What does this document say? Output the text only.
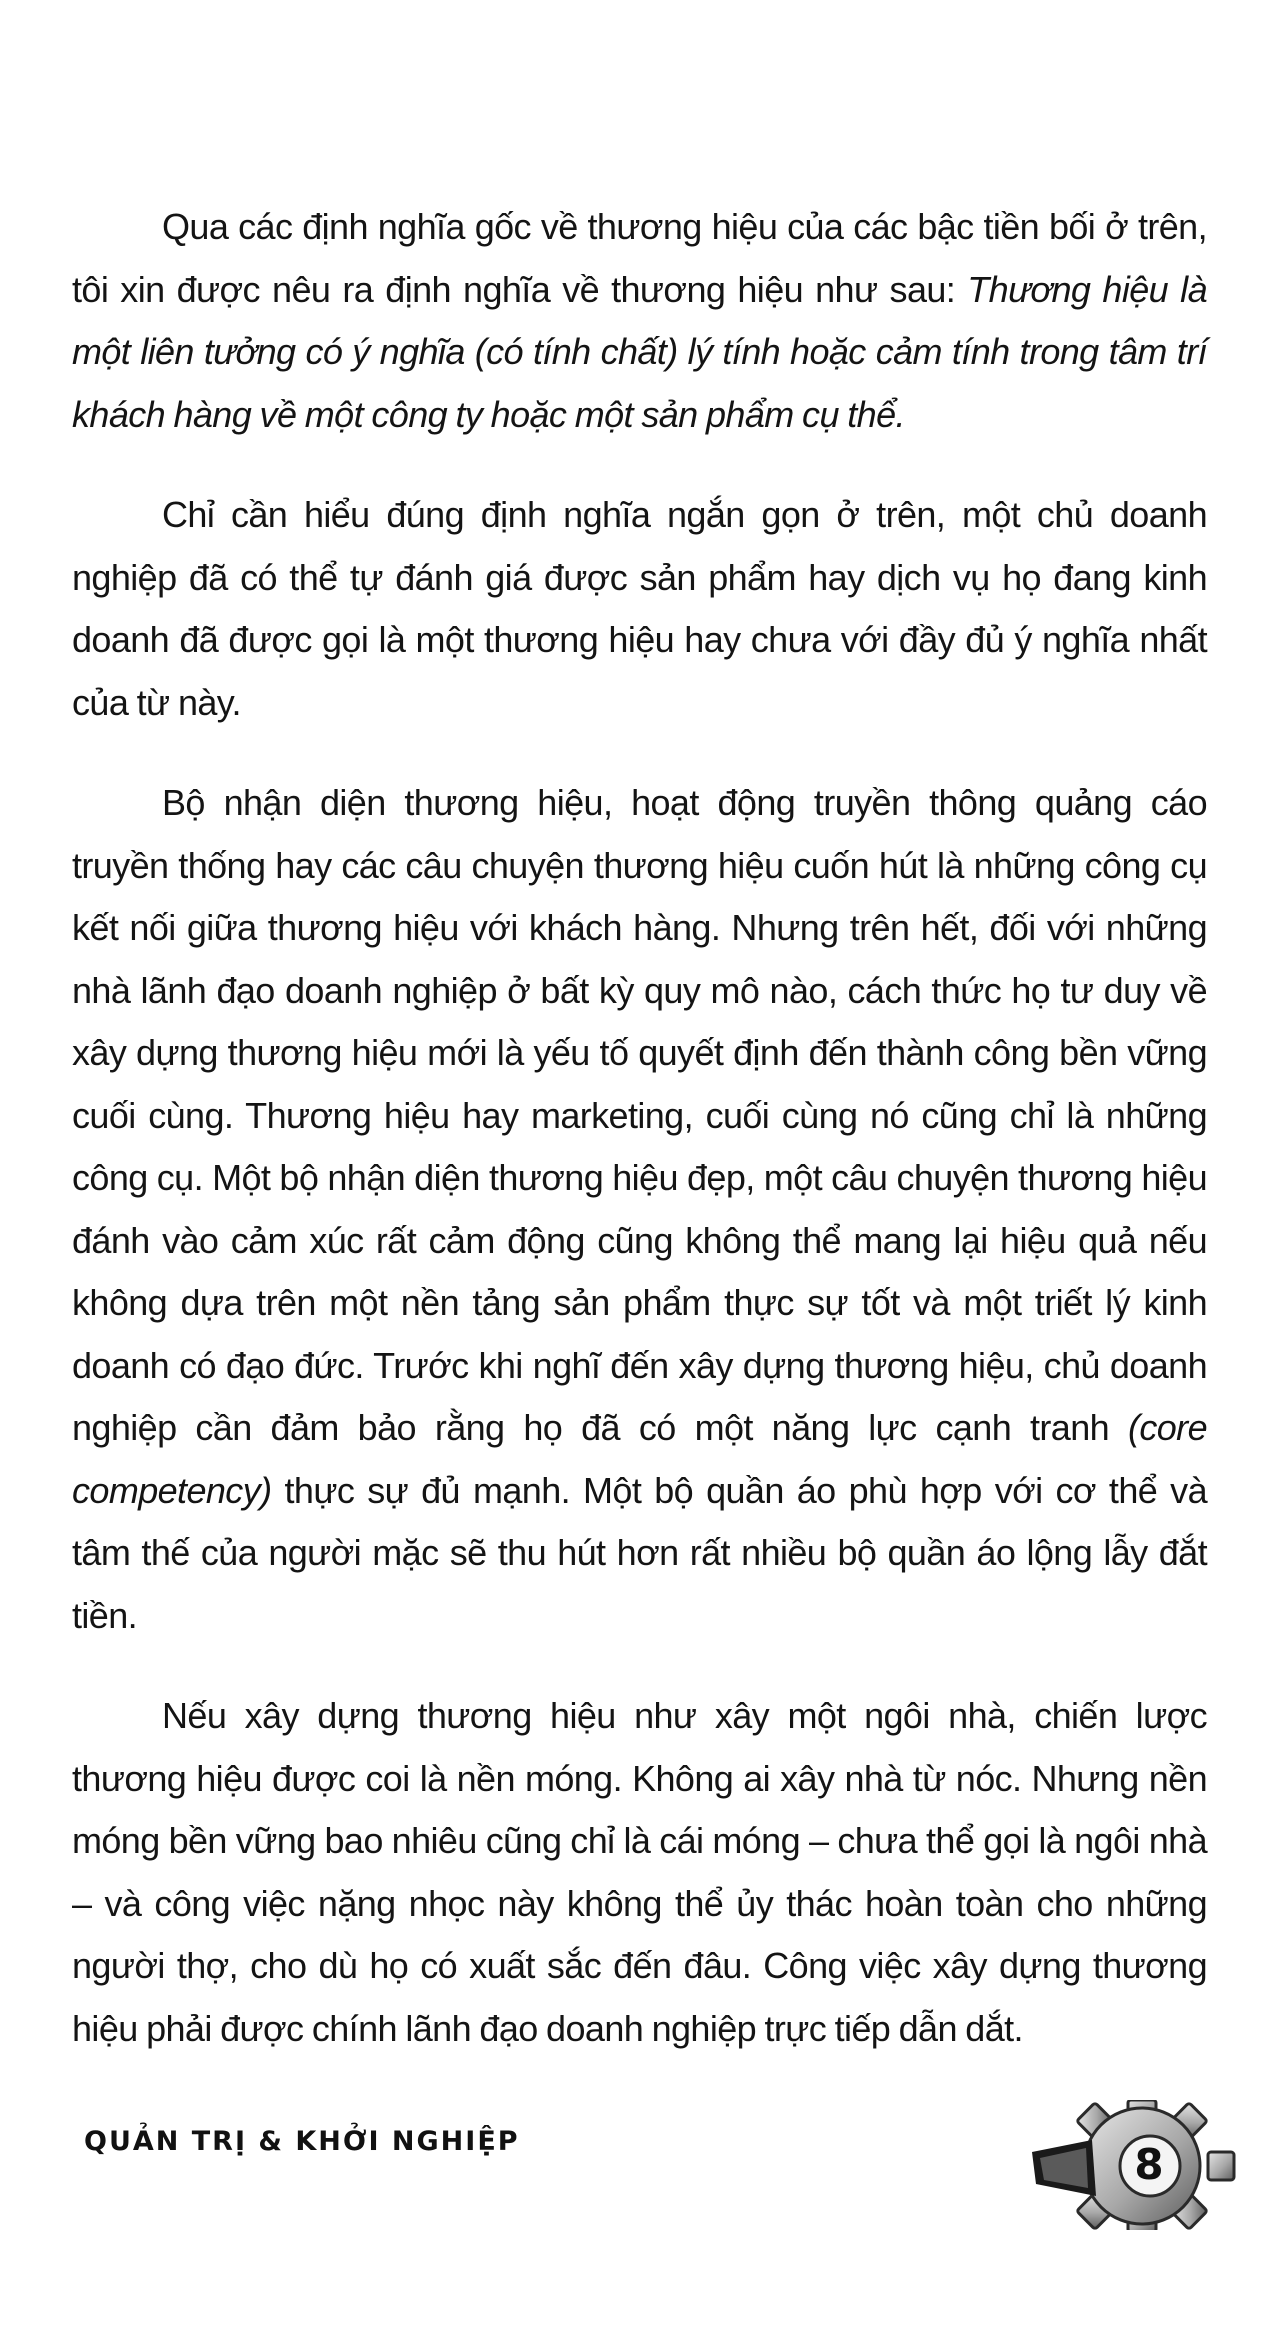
Qua các định nghĩa gốc về thương hiệu của các bậc tiền bối ở trên, tôi xin được nêu ra định nghĩa về thương hiệu như sau: Thương hiệu là một liên tưởng có ý nghĩa (có tính chất) lý tính hoặc cảm tính trong tâm trí khách hàng về một công ty hoặc một sản phẩm cụ thể.

Chỉ cần hiểu đúng định nghĩa ngắn gọn ở trên, một chủ doanh nghiệp đã có thể tự đánh giá được sản phẩm hay dịch vụ họ đang kinh doanh đã được gọi là một thương hiệu hay chưa với đầy đủ ý nghĩa nhất của từ này.

Bộ nhận diện thương hiệu, hoạt động truyền thông quảng cáo truyền thống hay các câu chuyện thương hiệu cuốn hút là những công cụ kết nối giữa thương hiệu với khách hàng. Nhưng trên hết, đối với những nhà lãnh đạo doanh nghiệp ở bất kỳ quy mô nào, cách thức họ tư duy về xây dựng thương hiệu mới là yếu tố quyết định đến thành công bền vững cuối cùng. Thương hiệu hay marketing, cuối cùng nó cũng chỉ là những công cụ. Một bộ nhận diện thương hiệu đẹp, một câu chuyện thương hiệu đánh vào cảm xúc rất cảm động cũng không thể mang lại hiệu quả nếu không dựa trên một nền tảng sản phẩm thực sự tốt và một triết lý kinh doanh có đạo đức. Trước khi nghĩ đến xây dựng thương hiệu, chủ doanh nghiệp cần đảm bảo rằng họ đã có một năng lực cạnh tranh (core competency) thực sự đủ mạnh. Một bộ quần áo phù hợp với cơ thể và tâm thế của người mặc sẽ thu hút hơn rất nhiều bộ quần áo lộng lẫy đắt tiền.

Nếu xây dựng thương hiệu như xây một ngôi nhà, chiến lược thương hiệu được coi là nền móng. Không ai xây nhà từ nóc. Nhưng nền móng bền vững bao nhiêu cũng chỉ là cái móng – chưa thể gọi là ngôi nhà – và công việc nặng nhọc này không thể ủy thác hoàn toàn cho những người thợ, cho dù họ có xuất sắc đến đâu. Công việc xây dựng thương hiệu phải được chính lãnh đạo doanh nghiệp trực tiếp dẫn dắt.

QUẢN TRỊ & KHỞI NGHIỆP	8
